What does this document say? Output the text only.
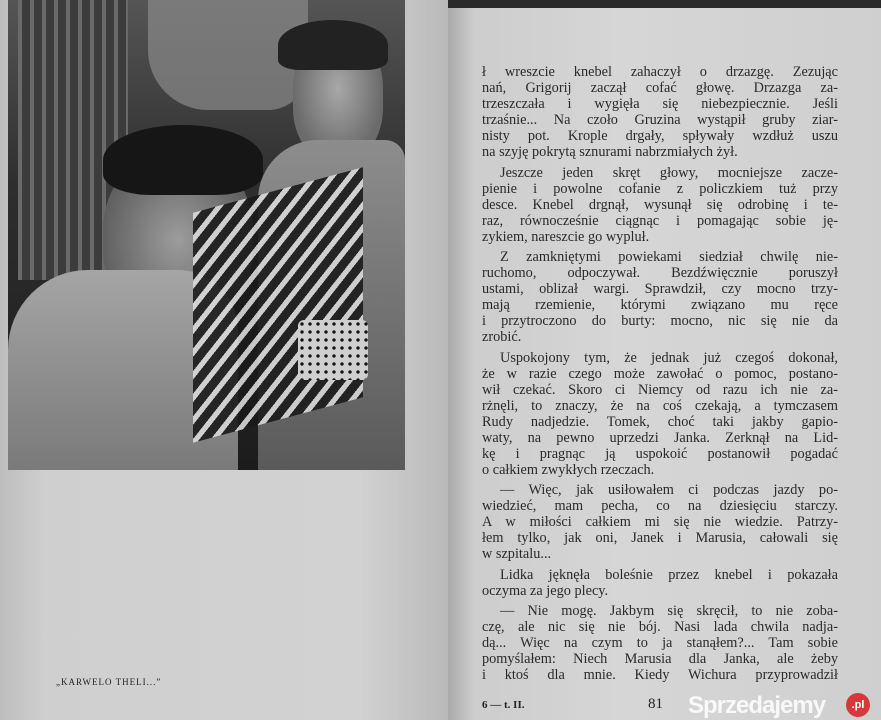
„KARWELO THELI...”
ł wreszcie knebel zahaczył o drzazgę. Zezując
nań, Grigorij zaczął cofać głowę. Drzazga za-
trzeszczała i wygięła się niebezpiecznie. Jeśli
trzaśnie... Na czoło Gruzina wystąpił gruby ziar-
nisty pot. Krople drgały, spływały wzdłuż uszu
na szyję pokrytą sznurami nabrzmiałych żył.
Jeszcze jeden skręt głowy, mocniejsze zacze-
pienie i powolne cofanie z policzkiem tuż przy
desce. Knebel drgnął, wysunął się odrobinę i te-
raz, równocześnie ciągnąc i pomagając sobie ję-
zykiem, nareszcie go wypluł.
Z zamkniętymi powiekami siedział chwilę nie-
ruchomo, odpoczywał. Bezdźwięcznie poruszył
ustami, oblizał wargi. Sprawdził, czy mocno trzy-
mają rzemienie, którymi związano mu ręce
i przytroczono do burty: mocno, nic się nie da
zrobić.
Uspokojony tym, że jednak już czegoś dokonał,
że w razie czego może zawołać o pomoc, postano-
wił czekać. Skoro ci Niemcy od razu ich nie za-
rżnęli, to znaczy, że na coś czekają, a tymczasem
Rudy nadjedzie. Tomek, choć taki jakby gapio-
waty, na pewno uprzedzi Janka. Zerknął na Lid-
kę i pragnąc ją uspokoić postanowił pogadać
o całkiem zwykłych rzeczach.
— Więc, jak usiłowałem ci podczas jazdy po-
wiedzieć, mam pecha, co na dziesięciu starczy.
A w miłości całkiem mi się nie wiedzie. Patrzy-
łem tylko, jak oni, Janek i Marusia, całowali się
w szpitalu...
Lidka jęknęła boleśnie przez knebel i pokazała
oczyma za jego plecy.
— Nie mogę. Jakbym się skręcił, to nie zoba-
czę, ale nic się nie bój. Nasi lada chwila nadja-
dą... Więc na czym to ja stanąłem?... Tam sobie
pomyślałem: Niech Marusia dla Janka, ale żeby
i ktoś dla mnie. Kiedy Wichura przyprowadził
6 — t. II.	81 Sprzedajemy	.pl
